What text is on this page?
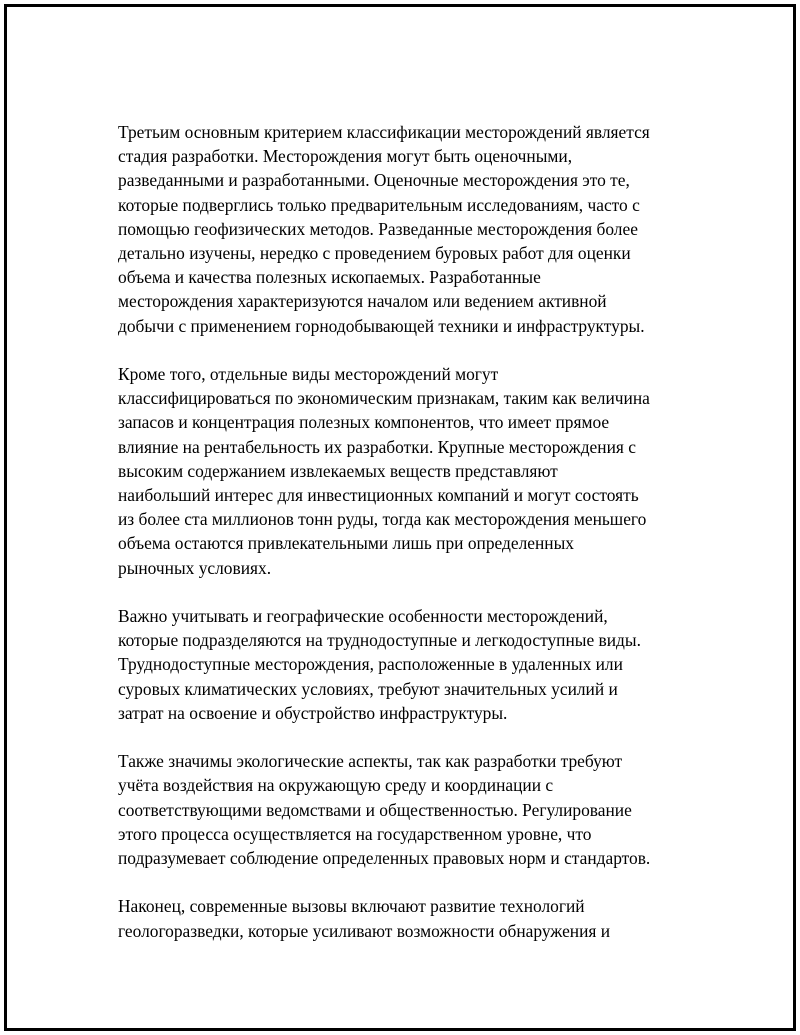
Третьим основным критерием классификации месторождений является
стадия разработки. Месторождения могут быть оценочными,
разведанными и разработанными. Оценочные месторождения это те,
которые подверглись только предварительным исследованиям, часто с
помощью геофизических методов. Разведанные месторождения более
детально изучены, нередко с проведением буровых работ для оценки
объема и качества полезных ископаемых. Разработанные
месторождения характеризуются началом или ведением активной
добычи с применением горнодобывающей техники и инфраструктуры.

Кроме того, отдельные виды месторождений могут
классифицироваться по экономическим признакам, таким как величина
запасов и концентрация полезных компонентов, что имеет прямое
влияние на рентабельность их разработки. Крупные месторождения с
высоким содержанием извлекаемых веществ представляют
наибольший интерес для инвестиционных компаний и могут состоять
из более ста миллионов тонн руды, тогда как месторождения меньшего
объема остаются привлекательными лишь при определенных
рыночных условиях.

Важно учитывать и географические особенности месторождений,
которые подразделяются на труднодоступные и легкодоступные виды.
Труднодоступные месторождения, расположенные в удаленных или
суровых климатических условиях, требуют значительных усилий и
затрат на освоение и обустройство инфраструктуры.

Также значимы экологические аспекты, так как разработки требуют
учёта воздействия на окружающую среду и координации с
соответствующими ведомствами и общественностью. Регулирование
этого процесса осуществляется на государственном уровне, что
подразумевает соблюдение определенных правовых норм и стандартов.

Наконец, современные вызовы включают развитие технологий
геологоразведки, которые усиливают возможности обнаружения и
